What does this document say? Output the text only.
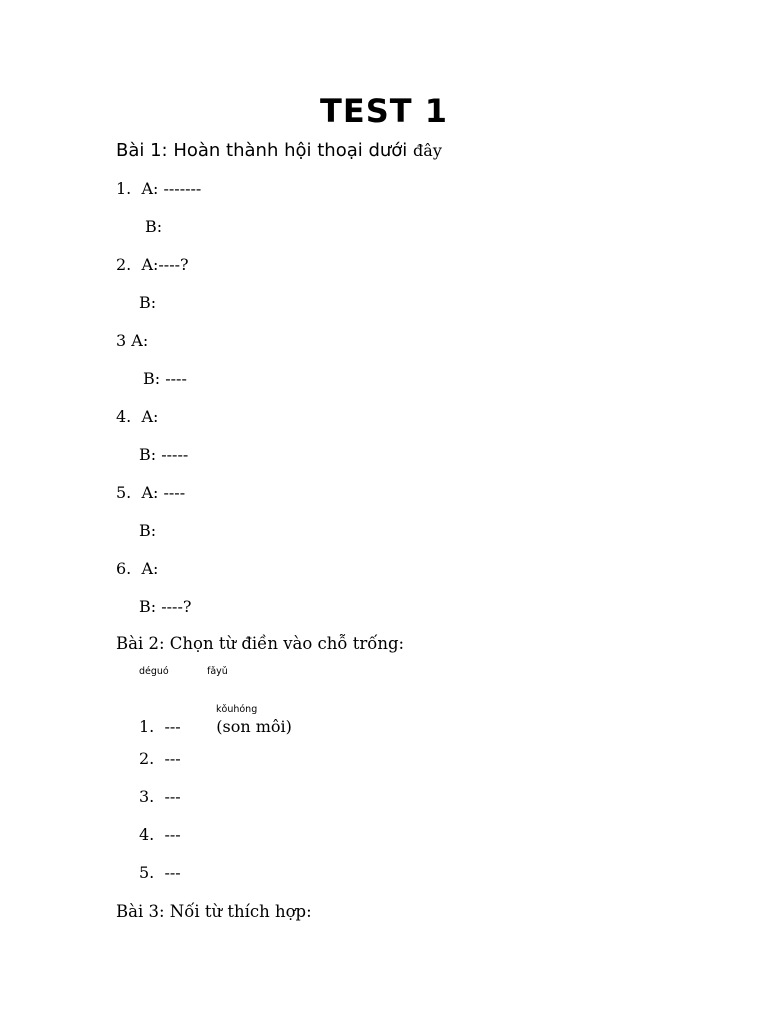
TEST 1
Bài 1: Hoàn thành hội thoại dưới đây
1.  A: -------
B:
2.  A:----?
B:
3 A:
B: ----
4.  A:
B: -----
5.  A: ----
B:
6.  A:
B: ----?
Bài 2: Chọn từ điền vào chỗ trống:
déguó	fǎyǔ
kǒuhóng
1.  --- (son môi)
2.  ---
3.  ---
4.  ---
5.  ---
Bài 3: Nối từ thích hợp:
